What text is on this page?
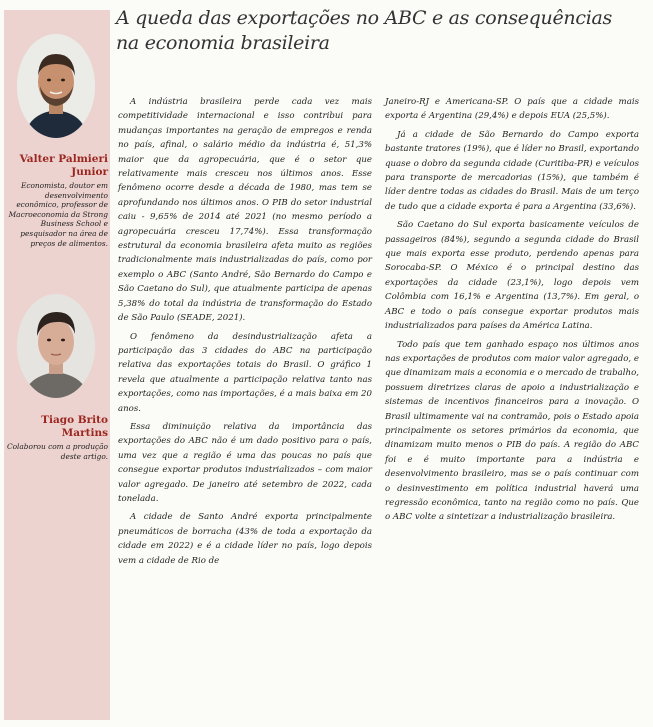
Valter Palmieri Junior
Economista, doutor em desenvolvimento econômico, professor de Macroeconomia da Strong Business School e pesquisador na área de preços de alimentos.
Tiago Brito Martins
Colaborou com a produção deste artigo.
A queda das exportações no ABC e as consequências
na economia brasileira

A indústria brasileira perde cada vez mais competitividade internacional e isso contribui para mudanças importantes na geração de empregos e renda no país, afinal, o salário médio da indústria é, 51,3% maior que da agropecuária, que é o setor que relativamente mais cresceu nos últimos anos. Esse fenômeno ocorre desde a década de 1980, mas tem se aprofundando nos últimos anos. O PIB do setor industrial caiu - 9,65% de 2014 até 2021 (no mesmo período a agropecuária cresceu 17,74%). Essa transformação estrutural da economia brasileira afeta muito as regiões tradicionalmente mais industrializadas do país, como por exemplo o ABC (Santo André, São Bernardo do Campo e São Caetano do Sul), que atualmente participa de apenas 5,38% do total da indústria de transformação do Estado de São Paulo (SEADE, 2021).

O fenômeno da desindustrialização afeta a participação das 3 cidades do ABC na participação relativa das exportações totais do Brasil. O gráfico 1 revela que atualmente a participação relativa tanto nas exportações, como nas importações, é a mais baixa em 20 anos.

Essa diminuição relativa da importância das exportações do ABC não é um dado positivo para o país, uma vez que a região é uma das poucas no país que consegue exportar produtos industrializados – com maior valor agregado. De janeiro até setembro de 2022, cada tonelada.

A cidade de Santo André exporta principalmente pneumáticos de borracha (43% de toda a exportação da cidade em 2022) e é a cidade líder no país, logo depois vem a cidade de Rio de

Janeiro-RJ e Americana-SP. O país que a cidade mais exporta é Argentina (29,4%) e depois EUA (25,5%).

Já a cidade de São Bernardo do Campo exporta bastante tratores (19%), que é líder no Brasil, exportando quase o dobro da segunda cidade (Curitiba-PR) e veículos para transporte de mercadorias (15%), que também é líder dentre todas as cidades do Brasil. Mais de um terço de tudo que a cidade exporta é para a Argentina (33,6%).

São Caetano do Sul exporta basicamente veículos de passageiros (84%), segundo a segunda cidade do Brasil que mais exporta esse produto, perdendo apenas para Sorocaba-SP. O México é o principal destino das exportações da cidade (23,1%), logo depois vem Colômbia com 16,1% e Argentina (13,7%). Em geral, o ABC e todo o país consegue exportar produtos mais industrializados para países da América Latina.

Todo país que tem ganhado espaço nos últimos anos nas exportações de produtos com maior valor agregado, e que dinamizam mais a economia e o mercado de trabalho, possuem diretrizes claras de apoio a industrialização e sistemas de incentivos financeiros para a inovação. O Brasil ultimamente vai na contramão, pois o Estado apoia principalmente os setores primários da economia, que dinamizam muito menos o PIB do país. A região do ABC foi e é muito importante para a indústria e desenvolvimento brasileiro, mas se o país continuar com o desinvestimento em política industrial haverá uma regressão econômica, tanto na região como no país. Que o ABC volte a sintetizar a industrialização brasileira.
